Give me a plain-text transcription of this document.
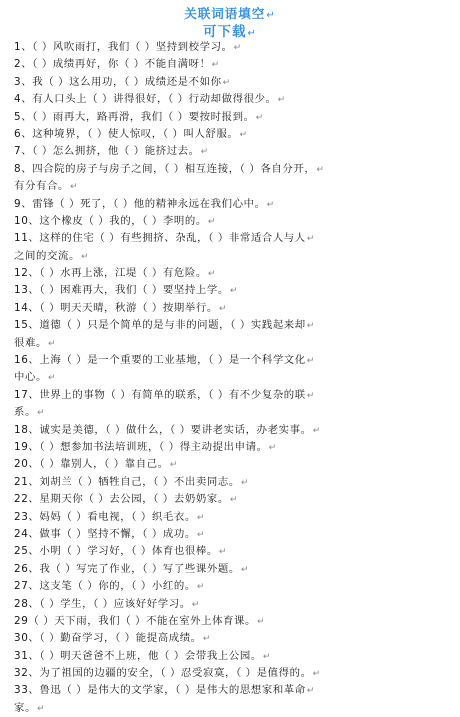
关联词语填空↵
可下载↵
1、（ ）风吹雨打，我们（ ）坚持到校学习。↵
2、（ ）成绩再好，你（ ）不能自满呀！↵
3、我（ ）这么用功，（ ）成绩还是不如你↵
4、有人口头上（ ）讲得很好，（ ）行动却做得很少。↵
5、（ ）雨再大，路再滑，我们（ ）要按时报到。↵
6、这种境界，（ ）使人惊叹，（ ）叫人舒服。↵
7、（ ）怎么拥挤，他（ ）能挤过去。↵
8、四合院的房子与房子之间，（ ）相互连接，（ ）各自分开，↵
有分有合。↵
9、雷锋（ ）死了，（ ）他的精神永远在我们心中。↵
10、这个橡皮（ ）我的，（ ）李明的。↵
11、这样的住宅（ ）有些拥挤、杂乱，（ ）非常适合人与人↵
之间的交流。↵
12、（ ）水再上涨，江堤（ ）有危险。↵
13、（ ）困难再大，我们（ ）要坚持上学。↵
14、（ ）明天天晴，秋游（ ）按期举行。↵
15、道德（ ）只是个简单的是与非的问题，（ ）实践起来却↵
很难。↵
16、上海（ ）是一个重要的工业基地，（ ）是一个科学文化↵
中心。↵
17、世界上的事物（ ）有简单的联系，（ ）有不少复杂的联↵
系。↵
18、诚实是美德，（ ）做什么，（ ）要讲老实话，办老实事。↵
19、（ ）想参加书法培训班，（ ）得主动提出申请。↵
20、（ ）靠别人，（ ）靠自己。↵
21、刘胡兰（ ）牺牲自己，（ ）不出卖同志。↵
22、星期天你（ ）去公园，（ ）去奶奶家。↵
23、妈妈（ ）看电视，（ ）织毛衣。↵
24、做事（ ）坚持不懈，（ ）成功。↵
25、小明（ ）学习好，（ ）体育也很棒。↵
26、我（ ）写完了作业，（ ）写了些课外题。↵
27、这支笔（ ）你的，（ ）小红的。↵
28、（ ）学生，（ ）应该好好学习。↵
29（ ）天下雨，我们（ ）不能在室外上体育课。↵
30、（ ）勤奋学习，（ ）能提高成绩。↵
31、（ ）明天爸爸不上班，他（ ）会带我上公园。↵
32、为了祖国的边疆的安全，（ ）忍受寂寞，（ ）是值得的。↵
33、鲁迅（ ）是伟大的文学家，（ ）是伟大的思想家和革命↵
家。↵
